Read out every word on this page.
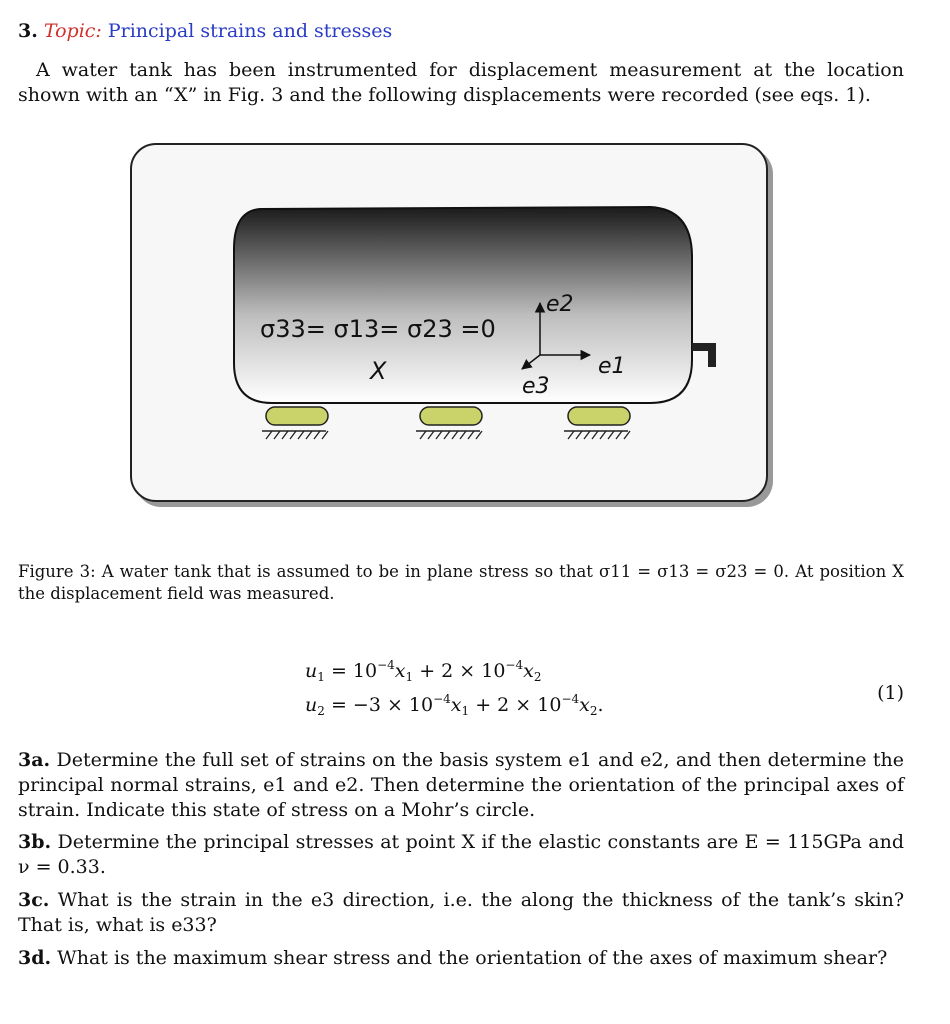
3. Topic: Principal strains and stresses
A water tank has been instrumented for displacement measurement at the location shown with an “X” in Fig. 3 and the following displacements were recorded (see eqs. 1).
σ33= σ13= σ23 =0
X	e1
e2
e3
Figure 3: A water tank that is assumed to be in plane stress so that σ11 = σ13 = σ23 = 0. At position X the displacement field was measured.
$u_1 = 10^{-4}x_1 + 2 \times 10^{-4}x_2$
$u_2 = -3 \times 10^{-4}x_1 + 2 \times 10^{-4}x_2$.
(1)
3a. Determine the full set of strains on the basis system e1 and e2, and then determine the principal normal strains, e1 and e2. Then determine the orientation of the principal axes of strain. Indicate this state of stress on a Mohr’s circle.
3b. Determine the principal stresses at point X if the elastic constants are E = 115GPa and ν = 0.33.
3c. What is the strain in the e3 direction, i.e. the along the thickness of the tank’s skin? That is, what is e33?
3d. What is the maximum shear stress and the orientation of the axes of maximum shear?
